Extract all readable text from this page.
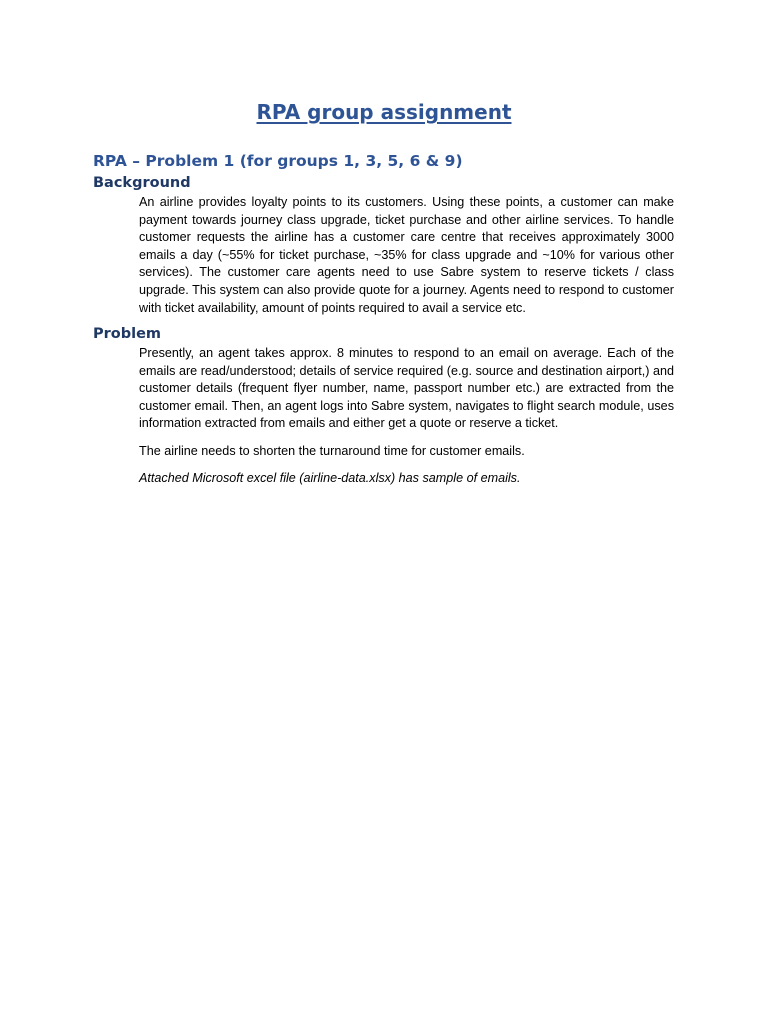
RPA group assignment
RPA – Problem 1 (for groups 1, 3, 5, 6 & 9)
Background

An airline provides loyalty points to its customers. Using these points, a customer can make payment towards journey class upgrade, ticket purchase and other airline services. To handle customer requests the airline has a customer care centre that receives approximately 3000 emails a day (~55% for ticket purchase, ~35% for class upgrade and ~10% for various other services). The customer care agents need to use Sabre system to reserve tickets / class upgrade. This system can also provide quote for a journey. Agents need to respond to customer with ticket availability, amount of points required to avail a service etc.

Problem

Presently, an agent takes approx. 8 minutes to respond to an email on average. Each of the emails are read/understood; details of service required (e.g. source and destination airport,) and customer details (frequent flyer number, name, passport number etc.) are extracted from the customer email. Then, an agent logs into Sabre system, navigates to flight search module, uses information extracted from emails and either get a quote or reserve a ticket.

The airline needs to shorten the turnaround time for customer emails.

Attached Microsoft excel file (airline-data.xlsx) has sample of emails.
